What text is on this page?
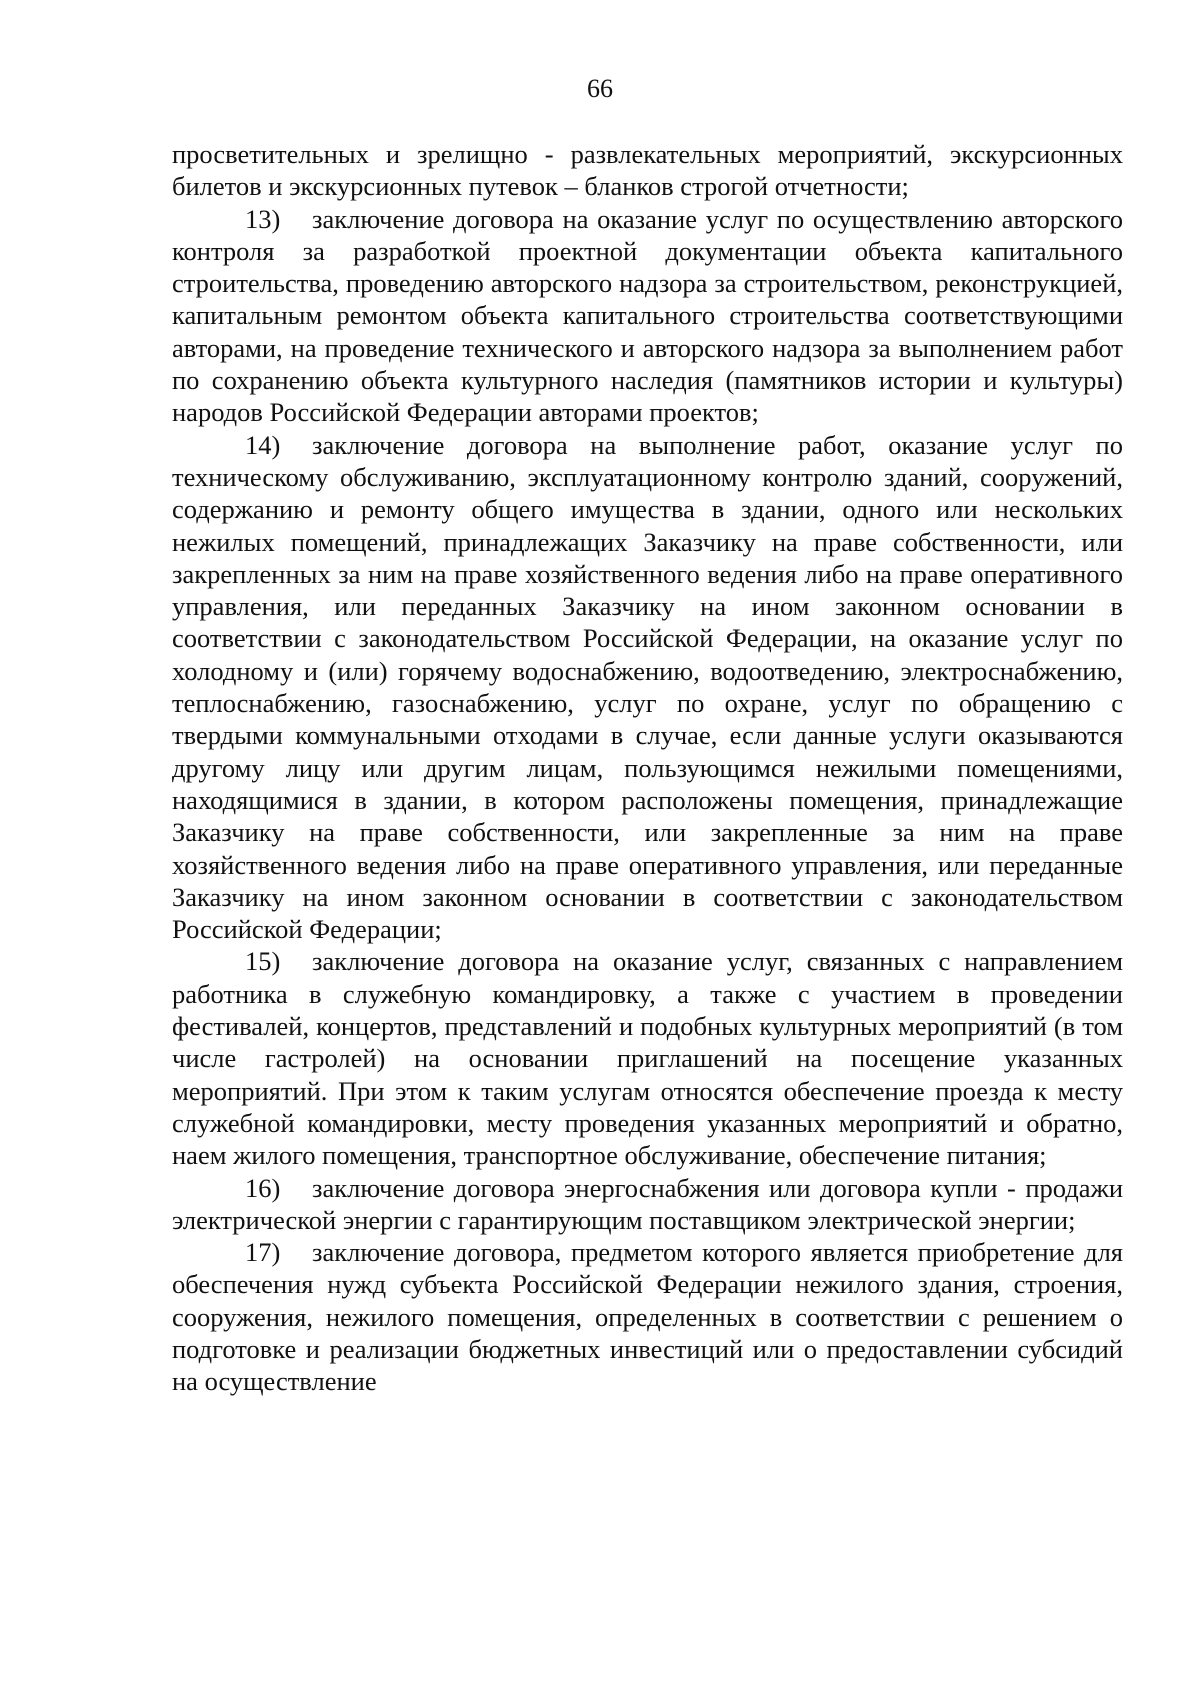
66

просветительных и зрелищно - развлекательных мероприятий, экскурсионных билетов и экскурсионных путевок – бланков строгой отчетности;

13) заключение договора на оказание услуг по осуществлению авторского контроля за разработкой проектной документации объекта капитального строительства, проведению авторского надзора за строительством, реконструкцией, капитальным ремонтом объекта капитального строительства соответствующими авторами, на проведение технического и авторского надзора за выполнением работ по сохранению объекта культурного наследия (памятников истории и культуры) народов Российской Федерации авторами проектов;

14) заключение договора на выполнение работ, оказание услуг по техническому обслуживанию, эксплуатационному контролю зданий, сооружений, содержанию и ремонту общего имущества в здании, одного или нескольких нежилых помещений, принадлежащих Заказчику на праве собственности, или закрепленных за ним на праве хозяйственного ведения либо на праве оперативного управления, или переданных Заказчику на ином законном основании в соответствии с законодательством Российской Федерации, на оказание услуг по холодному и (или) горячему водоснабжению, водоотведению, электроснабжению, теплоснабжению, газоснабжению, услуг по охране, услуг по обращению с твердыми коммунальными отходами в случае, если данные услуги оказываются другому лицу или другим лицам, пользующимся нежилыми помещениями, находящимися в здании, в котором расположены помещения, принадлежащие Заказчику на праве собственности, или закрепленные за ним на праве хозяйственного ведения либо на праве оперативного управления, или переданные Заказчику на ином законном основании в соответствии с законодательством Российской Федерации;

15) заключение договора на оказание услуг, связанных с направлением работника в служебную командировку, а также с участием в проведении фестивалей, концертов, представлений и подобных культурных мероприятий (в том числе гастролей) на основании приглашений на посещение указанных мероприятий. При этом к таким услугам относятся обеспечение проезда к месту служебной командировки, месту проведения указанных мероприятий и обратно, наем жилого помещения, транспортное обслуживание, обеспечение питания;

16) заключение договора энергоснабжения или договора купли - продажи электрической энергии с гарантирующим поставщиком электрической энергии;

17) заключение договора, предметом которого является приобретение для обеспечения нужд субъекта Российской Федерации нежилого здания, строения, сооружения, нежилого помещения, определенных в соответствии с решением о подготовке и реализации бюджетных инвестиций или о предоставлении субсидий на осуществление
